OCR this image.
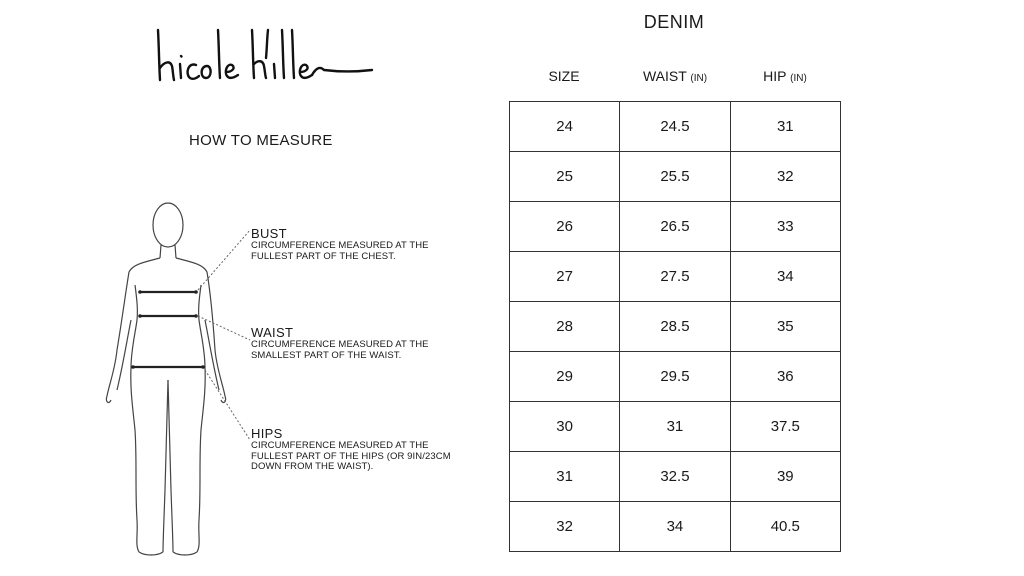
HOW TO MEASURE
BUST
CIRCUMFERENCE MEASURED AT THE FULLEST PART OF THE CHEST.
WAIST
CIRCUMFERENCE MEASURED AT THE SMALLEST PART OF THE WAIST.
HIPS
CIRCUMFERENCE MEASURED AT THE FULLEST PART OF THE HIPS (OR 9IN/23CM DOWN FROM THE WAIST).
DENIM
SIZE	WAIST (IN)	HIP (IN)
24	24.5	31
25	25.5	32
26	26.5	33
27	27.5	34
28	28.5	35
29	29.5	36
30	31	37.5
31	32.5	39
32	34	40.5
